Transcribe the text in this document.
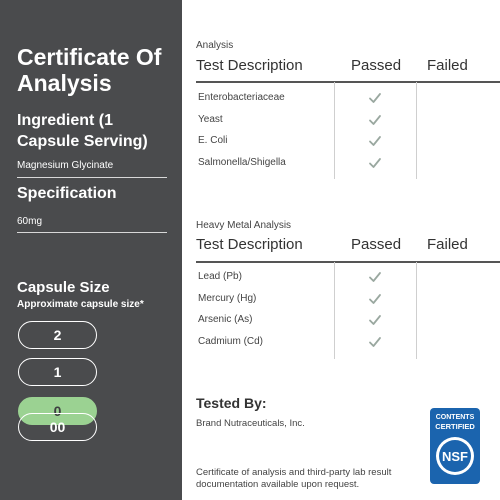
Certificate Of Analysis
Ingredient (1 Capsule Serving)
Magnesium Glycinate
Specification
60mg
Capsule Size
Approximate capsule size*
2
1
0
00
Analysis
Test Description	Passed Failed
Enterobacteriaceae
Yeast
E. Coli
Salmonella/Shigella
Heavy Metal Analysis
Test Description	Passed Failed
Lead (Pb)
Mercury (Hg)
Arsenic (As)
Cadmium (Cd)
Tested By:
Brand Nutraceuticals, Inc.
Certificate of analysis and third-party lab result documentation available upon request.
CONTENTS
CERTIFIED
NSF
